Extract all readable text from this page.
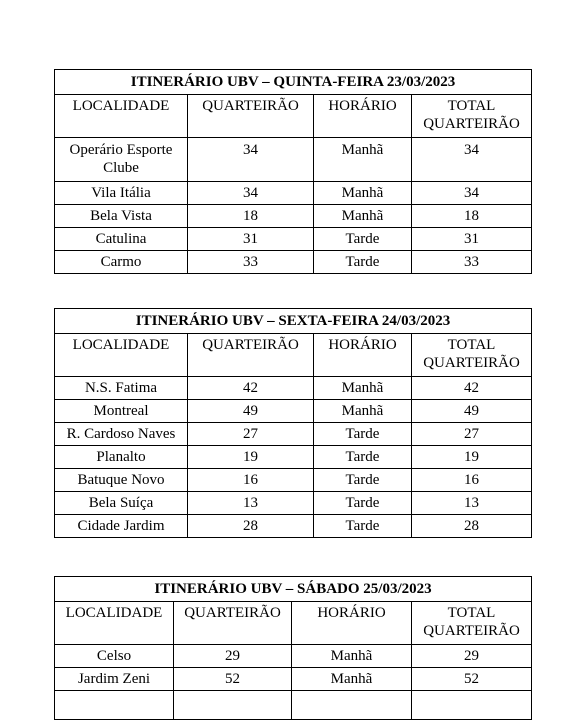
ITINERÁRIO UBV – QUINTA-FEIRA 23/03/2023			
LOCALIDADE	QUARTEIRÃO	HORÁRIO	TOTAL QUARTEIRÃO
Operário Esporte Clube	34	Manhã	34
Vila Itália	34	Manhã	34
Bela Vista	18	Manhã	18
Catulina	31	Tarde	31
Carmo	33	Tarde	33
ITINERÁRIO UBV – SEXTA-FEIRA 24/03/2023			
LOCALIDADE	QUARTEIRÃO	HORÁRIO	TOTAL QUARTEIRÃO
N.S. Fatima	42	Manhã	42
Montreal	49	Manhã	49
R. Cardoso Naves	27	Tarde	27
Planalto	19	Tarde	19
Batuque Novo	16	Tarde	16
Bela Suíça	13	Tarde	13
Cidade Jardim	28	Tarde	28
ITINERÁRIO UBV – SÁBADO 25/03/2023			
LOCALIDADE	QUARTEIRÃO	HORÁRIO	TOTAL QUARTEIRÃO
Celso	29	Manhã	29
Jardim Zeni	52	Manhã	52
